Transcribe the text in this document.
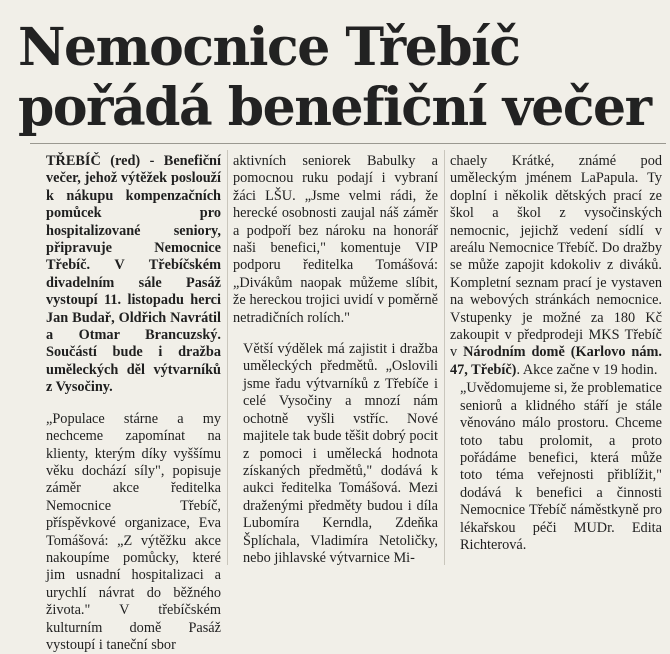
Nemocnice Třebíč
pořádá benefiční večer

TŘEBÍČ (red) - Benefiční večer, jehož výtěžek poslouží k nákupu kompenzačních pomůcek pro hospitalizované seniory, připravuje Nemocnice Třebíč. V Třebíčském divadelním sále Pasáž vystoupí 11. listopadu herci Jan Budař, Oldřich Navrátil a Otmar Brancuzský. Součástí bude i dražba uměleckých děl výtvarníků z Vysočiny.

„Populace stárne a my nechceme zapomínat na klienty, kterým díky vyššímu věku dochází síly", popisuje záměr akce ředitelka Nemocnice Třebíč, příspěvkové organizace, Eva Tomášová: „Z výtěžku akce nakoupíme pomůcky, které jim usnadní hospitalizaci a urychlí návrat do běžného života." V třebíčském kulturním domě Pasáž vystoupí i taneční sbor

aktivních seniorek Babulky a pomocnou ruku podají i vybraní žáci LŠU. „Jsme velmi rádi, že herecké osobnosti zaujal náš záměr a podpoří bez nároku na honorář naši benefici," komentuje VIP podporu ředitelka Tomášová: „Divákům naopak můžeme slíbit, že hereckou trojici uvidí v poměrně netradičních rolích."

Větší výdělek má zajistit i dražba uměleckých předmětů. „Oslovili jsme řadu výtvarníků z Třebíče i celé Vysočiny a mnozí nám ochotně vyšli vstříc. Nové majitele tak bude těšit dobrý pocit z pomoci i umělecká hodnota získaných předmětů," dodává k aukci ředitelka Tomášová. Mezi draženými předměty budou i díla Lubomíra Kerndla, Zdeňka Šplíchala, Vladimíra Netoličky, nebo jihlavské výtvarnice Mi-

chaely Krátké, známé pod uměleckým jménem LaPapula. Ty doplní i několik dětských prací ze škol a škol z vysočinských nemocnic, jejichž vedení sídlí v areálu Nemocnice Třebíč. Do dražby se může zapojit kdokoliv z diváků. Kompletní seznam prací je vystaven na webových stránkách nemocnice. Vstupenky je možné za 180 Kč zakoupit v předprodeji MKS Třebíč v Národním domě (Karlovo nám. 47, Třebíč). Akce začne v 19 hodin.

„Uvědomujeme si, že problematice seniorů a klidného stáří je stále věnováno málo prostoru. Chceme toto tabu prolomit, a proto pořádáme benefici, která může toto téma veřejnosti přiblížit," dodává k benefici a činnosti Nemocnice Třebíč náměstkyně pro lékařskou péči MUDr. Edita Richterová.
